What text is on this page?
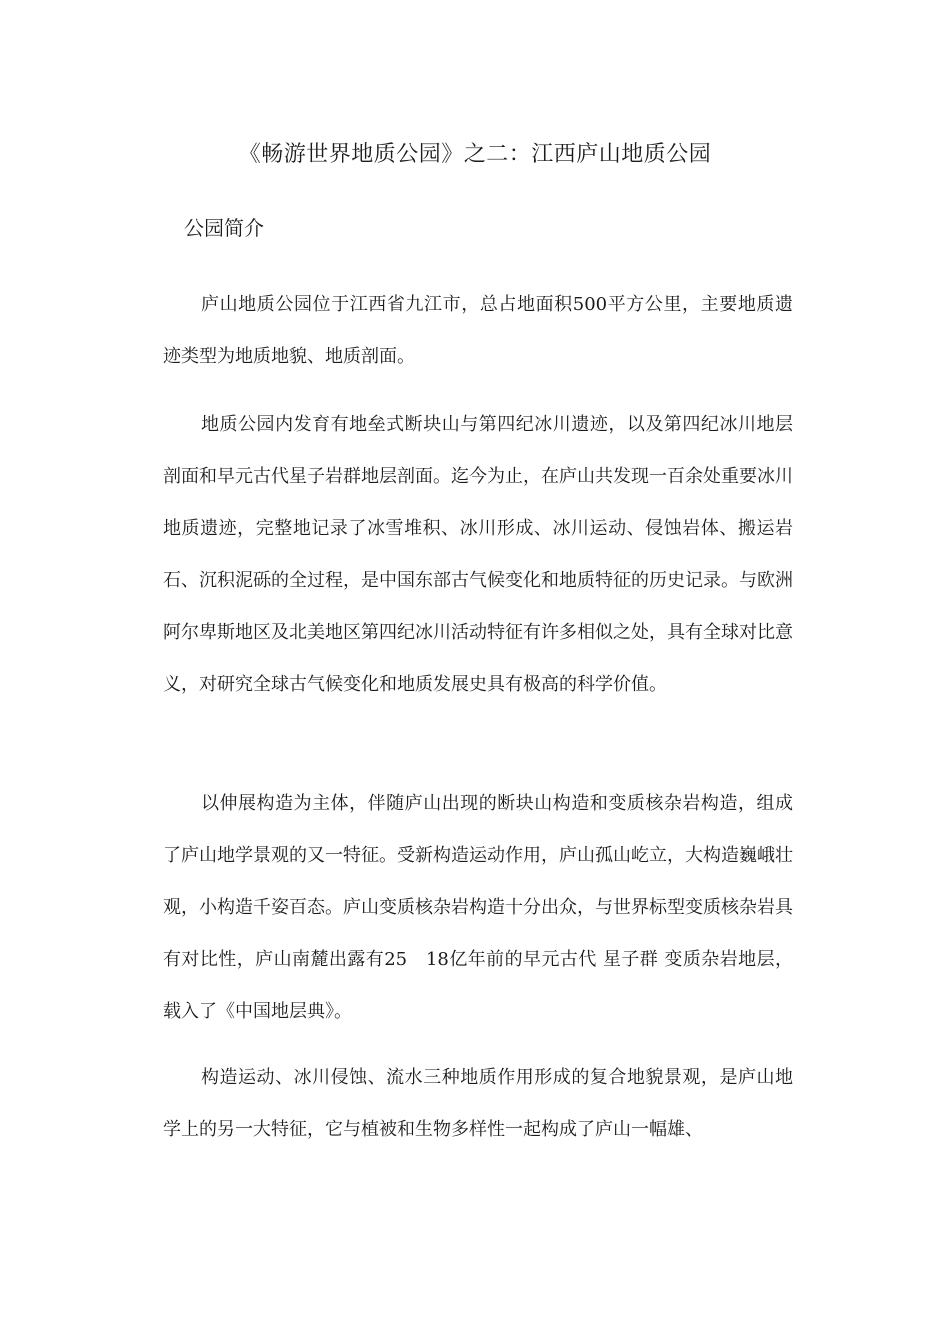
《畅游世界地质公园》之二：江西庐山地质公园
公园简介

庐山地质公园位于江西省九江市，总占地面积500平方公里，主要地质遗迹类型为地质地貌、地质剖面。

地质公园内发育有地垒式断块山与第四纪冰川遗迹，以及第四纪冰川地层剖面和早元古代星子岩群地层剖面。迄今为止，在庐山共发现一百余处重要冰川地质遗迹，完整地记录了冰雪堆积、冰川形成、冰川运动、侵蚀岩体、搬运岩石、沉积泥砾的全过程，是中国东部古气候变化和地质特征的历史记录。与欧洲阿尔卑斯地区及北美地区第四纪冰川活动特征有许多相似之处，具有全球对比意义，对研究全球古气候变化和地质发展史具有极高的科学价值。

以伸展构造为主体，伴随庐山出现的断块山构造和变质核杂岩构造，组成了庐山地学景观的又一特征。受新构造运动作用，庐山孤山屹立，大构造巍峨壮观，小构造千姿百态。庐山变质核杂岩构造十分出众，与世界标型变质核杂岩具有对比性，庐山南麓出露有25　18亿年前的早元古代 星子群 变质杂岩地层，载入了《中国地层典》。

构造运动、冰川侵蚀、流水三种地质作用形成的复合地貌景观，是庐山地学上的另一大特征，它与植被和生物多样性一起构成了庐山一幅雄、
